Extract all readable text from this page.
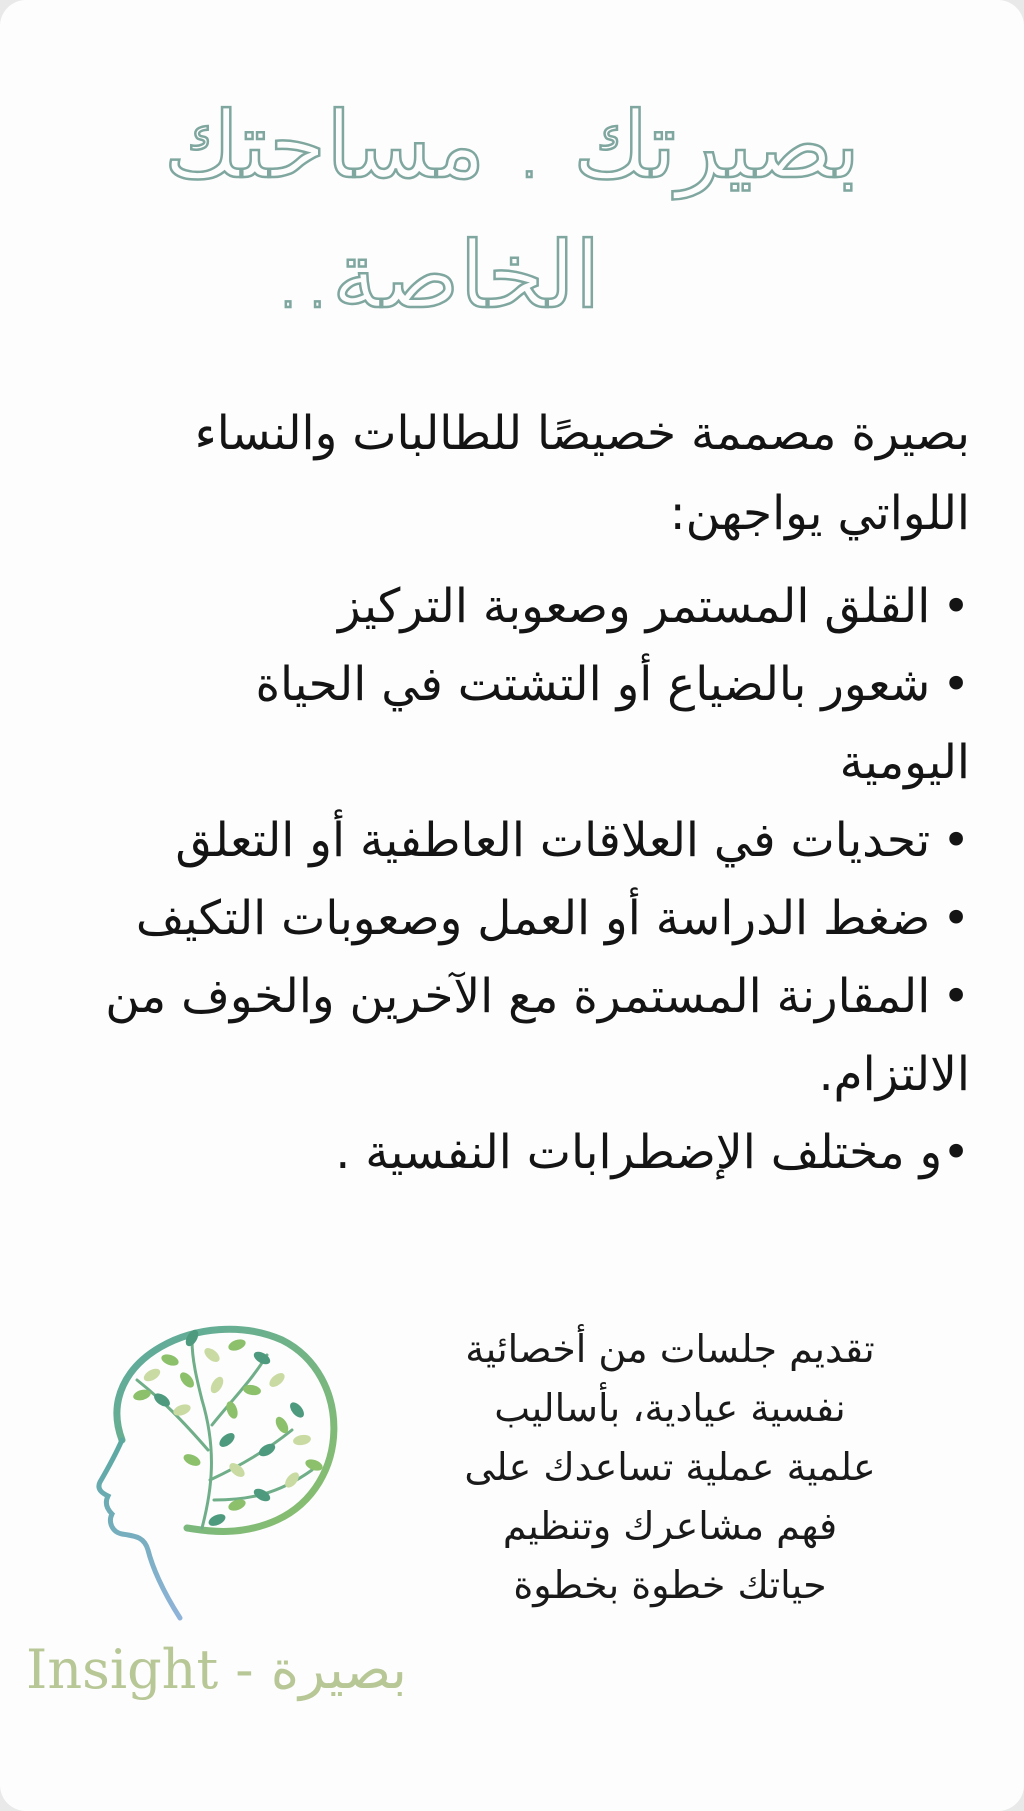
بصيرتك . مساحتك
الخاصة..

بصيرة مصممة خصيصًا للطالبات والنساء

اللواتي يواجهن:

•القلق المستمر وصعوبة التركيز
•شعور بالضياع أو التشتت في الحياة
اليومية
•تحديات في العلاقات العاطفية أو التعلق
•ضغط الدراسة أو العمل وصعوبات التكيف
•المقارنة المستمرة مع الآخرين والخوف من
الالتزام.
•و مختلف الإضطرابات النفسية .
Insight - بصيرة

تقديم جلسات من أخصائية
نفسية عيادية، بأساليب
علمية عملية تساعدك على
فهم مشاعرك وتنظيم
حياتك خطوة بخطوة
